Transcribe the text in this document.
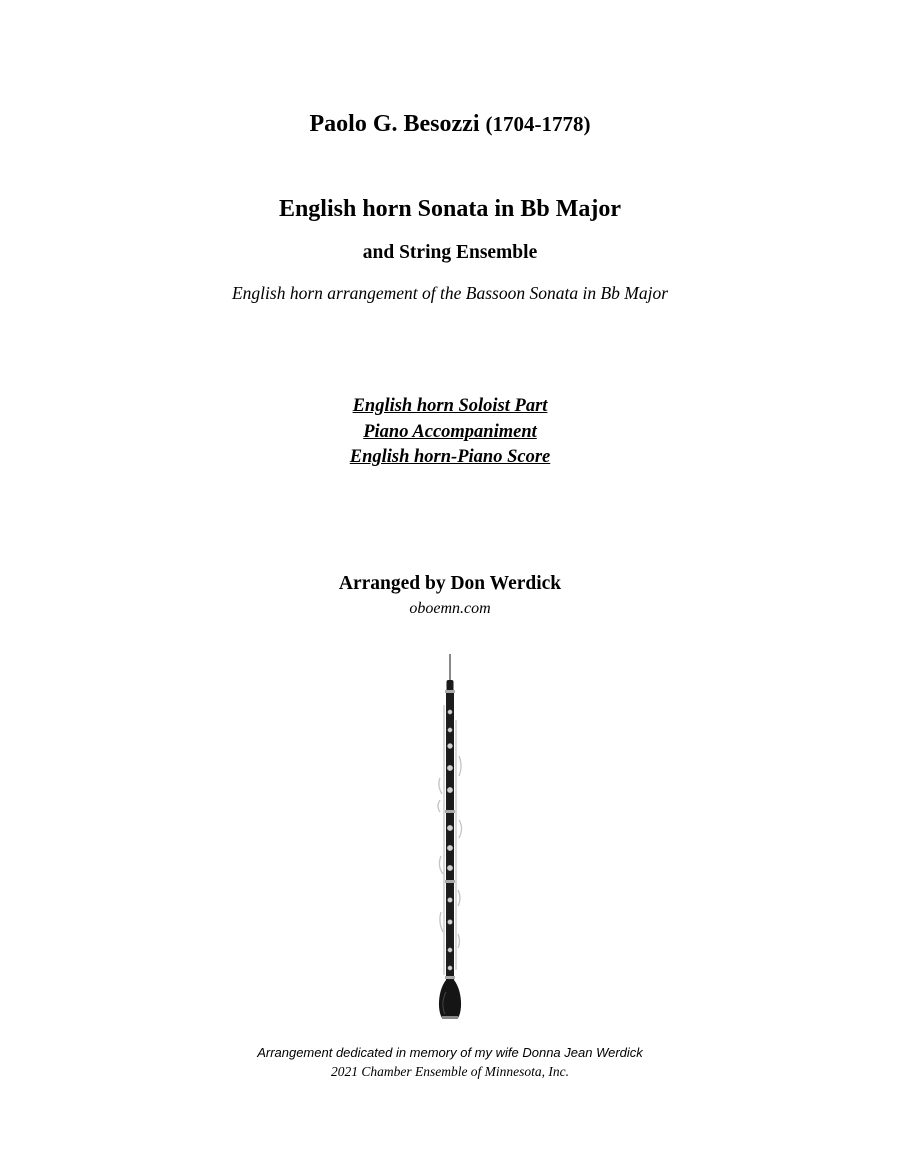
Paolo G. Besozzi (1704-1778)
English horn Sonata in Bb Major
and String Ensemble
English horn arrangement of the Bassoon Sonata in Bb Major
English horn Soloist Part
Piano Accompaniment
English horn-Piano Score
Arranged by Don Werdick
oboemn.com
Arrangement dedicated in memory of my wife Donna Jean Werdick
2021 Chamber Ensemble of Minnesota, Inc.
